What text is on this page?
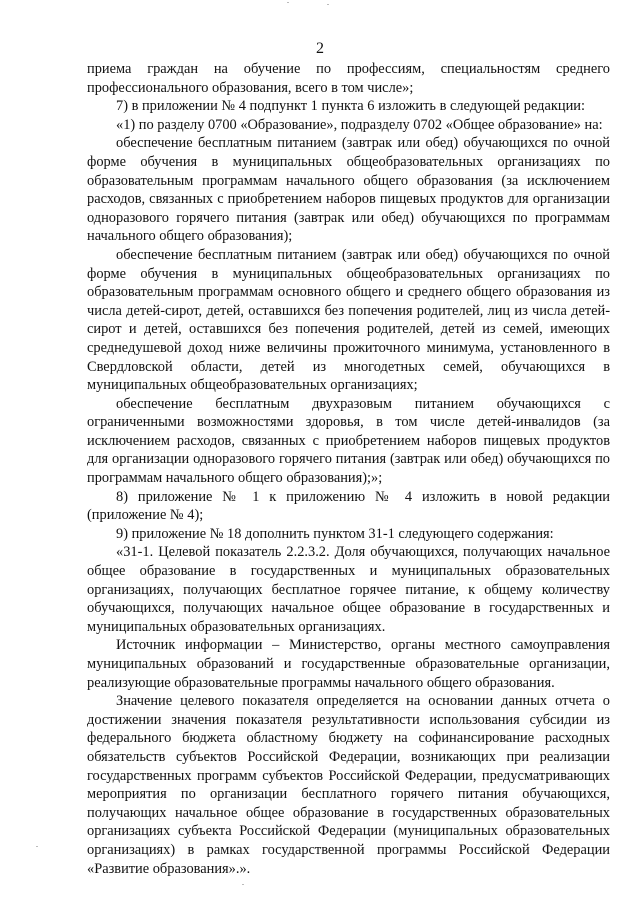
2

приема граждан на обучение по профессиям, специальностям среднего профессионального образования, всего в том числе»;

7) в приложении № 4 подпункт 1 пункта 6 изложить в следующей редакции:

«1) по разделу 0700 «Образование», подразделу 0702 «Общее образование» на:

обеспечение бесплатным питанием (завтрак или обед) обучающихся по очной форме обучения в муниципальных общеобразовательных организациях по образовательным программам начального общего образования (за исключением расходов, связанных с приобретением наборов пищевых продуктов для организации одноразового горячего питания (завтрак или обед) обучающихся по программам начального общего образования);

обеспечение бесплатным питанием (завтрак или обед) обучающихся по очной форме обучения в муниципальных общеобразовательных организациях по образовательным программам основного общего и среднего общего образования из числа детей-сирот, детей, оставшихся без попечения родителей, лиц из числа детей-сирот и детей, оставшихся без попечения родителей, детей из семей, имеющих среднедушевой доход ниже величины прожиточного минимума, установленного в Свердловской области, детей из многодетных семей, обучающихся в муниципальных общеобразовательных организациях;

обеспечение бесплатным двухразовым питанием обучающихся с ограниченными возможностями здоровья, в том числе детей-инвалидов (за исключением расходов, связанных с приобретением наборов пищевых продуктов для организации одноразового горячего питания (завтрак или обед) обучающихся по программам начального общего образования);»;

8) приложение № 1 к приложению № 4 изложить в новой редакции (приложение № 4);

9) приложение № 18 дополнить пунктом 31-1 следующего содержания:

«31-1. Целевой показатель 2.2.3.2. Доля обучающихся, получающих начальное общее образование в государственных и муниципальных образовательных организациях, получающих бесплатное горячее питание, к общему количеству обучающихся, получающих начальное общее образование в государственных и муниципальных образовательных организациях.

Источник информации – Министерство, органы местного самоуправления муниципальных образований и государственные образовательные организации, реализующие образовательные программы начального общего образования.

Значение целевого показателя определяется на основании данных отчета о достижении значения показателя результативности использования субсидии из федерального бюджета областному бюджету на софинансирование расходных обязательств субъектов Российской Федерации, возникающих при реализации государственных программ субъектов Российской Федерации, предусматривающих мероприятия по организации бесплатного горячего питания обучающихся, получающих начальное общее образование в государственных образовательных организациях субъекта Российской Федерации (муниципальных образовательных организациях) в рамках государственной программы Российской Федерации «Развитие образования».».
